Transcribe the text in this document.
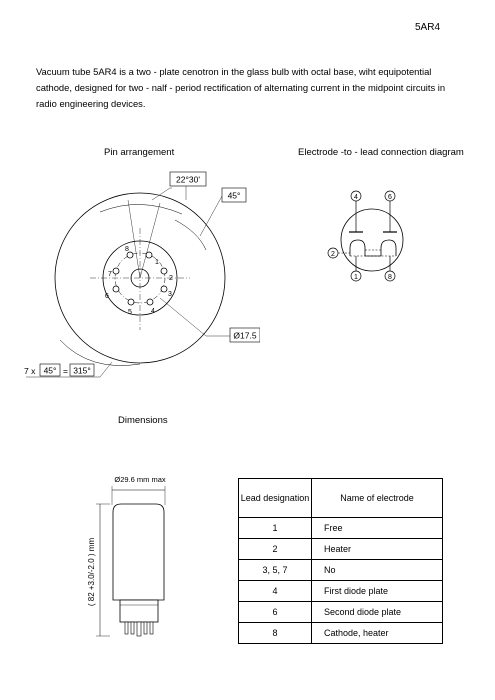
5AR4
Vacuum tube 5AR4 is a two - plate cenotron in the glass bulb with octal base, wiht equipotential cathode, designed for two - nalf - period rectification of alternating current in the midpoint circuits in radio engineering devices.
Pin arrangement
1
2
3
4
5
6
7
8
22°30'
45°
Ø17.5
7 x 45° = 315°
Electrode -to - lead connection diagram
4	6
2
1	8
Dimensions
Ø29.6 mm max
( 82 +3.0/-2.0 ) mm
Lead designation	Name of electrode
1	Free
2	Heater
3, 5, 7	No
4	First diode plate
6	Second diode plate
8	Cathode, heater
